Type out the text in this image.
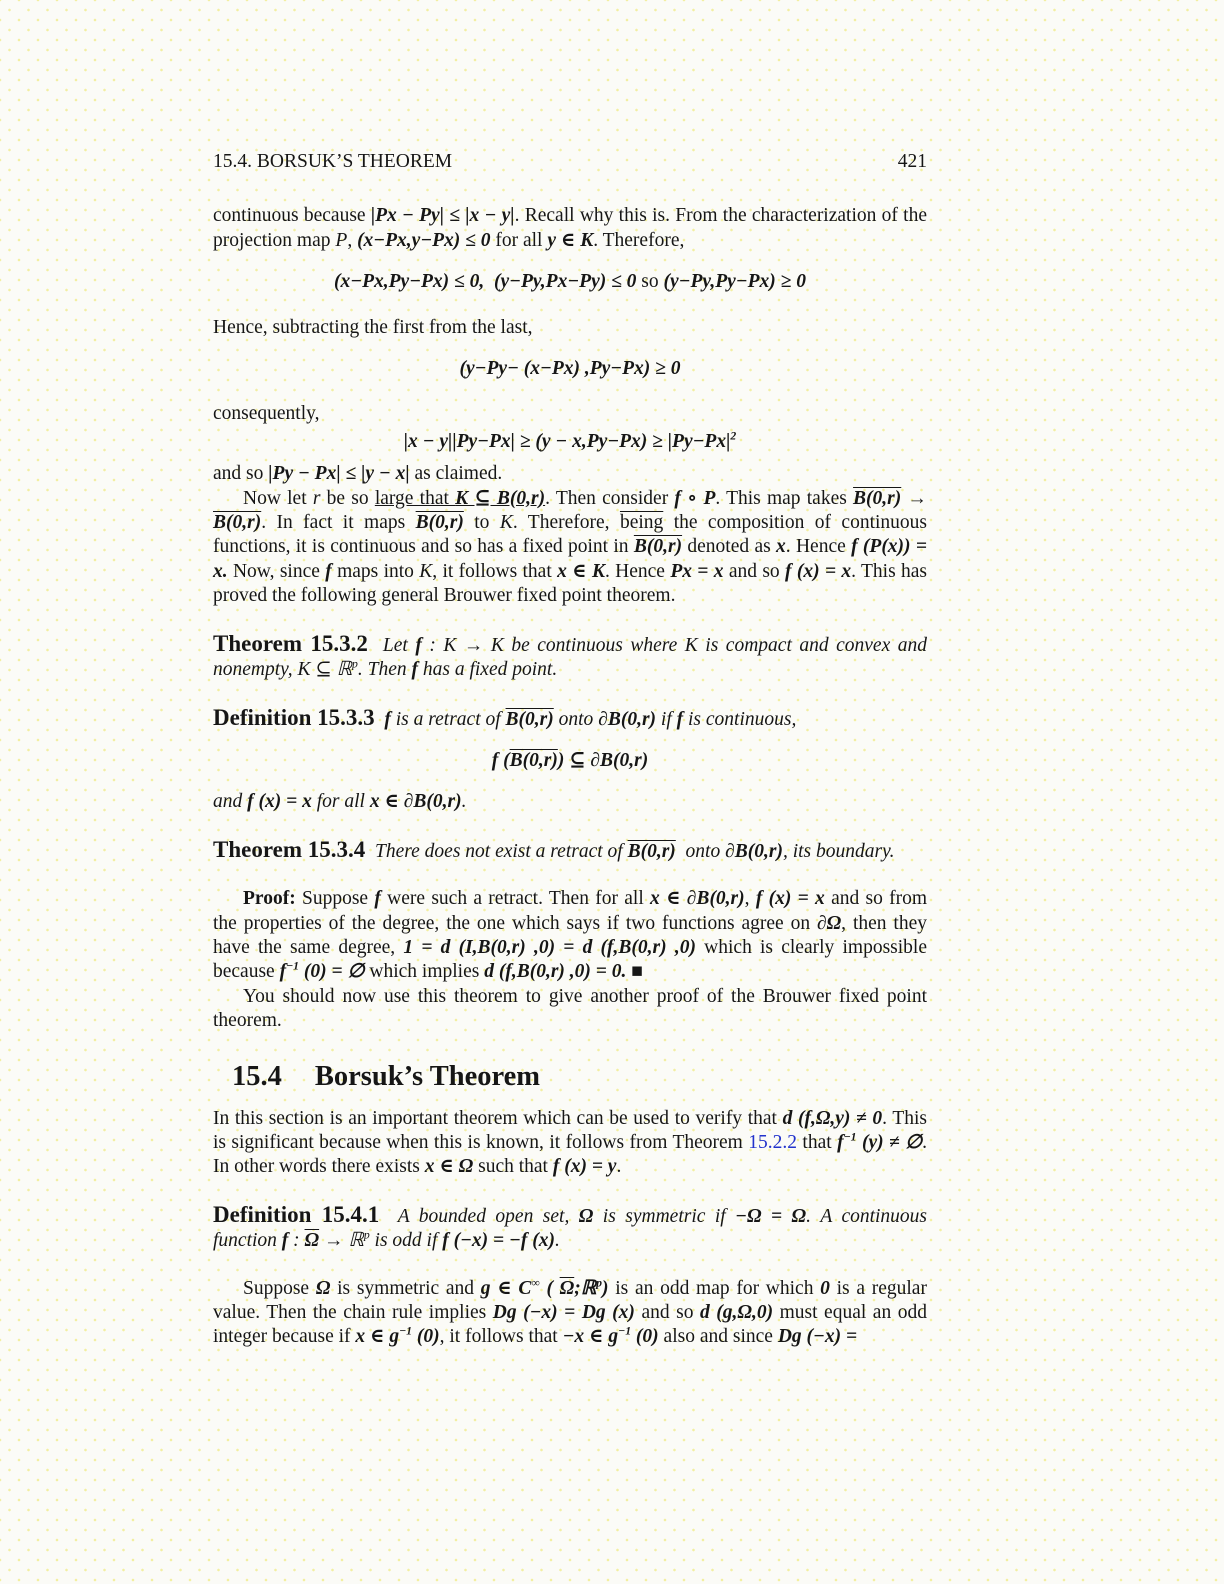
15.4. BORSUK’S THEOREM	421
continuous because |Px − Py| ≤ |x − y|. Recall why this is. From the characterization of the projection map P, (x−Px,y−Px) ≤ 0 for all y ∈ K. Therefore,
(x−Px,Py−Px) ≤ 0,  (y−Py,Px−Py) ≤ 0 so (y−Py,Py−Px) ≥ 0
Hence, subtracting the first from the last,
(y−Py− (x−Px) ,Py−Px) ≥ 0
consequently,
$|x - y||Py-Px| \ge (y - x,Py-Px) \ge |Py-Px|^2$
and so |Py − Px| ≤ |y − x| as claimed.
Now let r be so large that K ⊆ B(0,r). Then consider f ∘ P. This map takes B(0,r) → B(0,r). In fact it maps B(0,r) to K. Therefore, being the composition of continuous functions, it is continuous and so has a fixed point in B(0,r) denoted as x. Hence f (P(x)) = x. Now, since f maps into K, it follows that x ∈ K. Hence Px = x and so f (x) = x. This has proved the following general Brouwer fixed point theorem.
Theorem 15.3.2  Let f : K → K be continuous where K is compact and convex and nonempty, K ⊆ ℝ$^p$. Then f has a fixed point.
Definition 15.3.3 f is a retract of B(0,r) onto ∂B(0,r) if f is continuous,
f (B(0,r)) ⊆ ∂B(0,r)
and f (x) = x for all x ∈ ∂B(0,r).
Theorem 15.3.4  There does not exist a retract of B(0,r)  onto ∂B(0,r), its boundary.
Proof: Suppose f were such a retract. Then for all x ∈ ∂B(0,r), f (x) = x and so from the properties of the degree, the one which says if two functions agree on ∂Ω, then they have the same degree, 1 = d (I,B(0,r) ,0) = d (f,B(0,r) ,0) which is clearly impossible because $f^{-1}$ (0) = ∅ which implies d (f,B(0,r) ,0) = 0. ■
You should now use this theorem to give another proof of the Brouwer fixed point theorem.
15.4 Borsuk’s Theorem
In this section is an important theorem which can be used to verify that d (f,Ω,y) ≠ 0. This is significant because when this is known, it follows from Theorem 15.2.2 that $f^{-1}$ (y) ≠ ∅. In other words there exists x ∈ Ω such that f (x) = y.
Definition 15.4.1  A bounded open set, Ω is symmetric if −Ω = Ω. A continuous function f : $\overline{\Omega}$ → ℝ$^p$ is odd if f (−x) = −f (x).
Suppose Ω is symmetric and g ∈ C∞ ( $\overline{\Omega};ℝ^p$) is an odd map for which 0 is a regular value. Then the chain rule implies Dg (−x) = Dg (x) and so d (g,Ω,0) must equal an odd integer because if x ∈ $g^{-1}$ (0), it follows that −x ∈ $g^{-1}$ (0) also and since Dg (−x) =
